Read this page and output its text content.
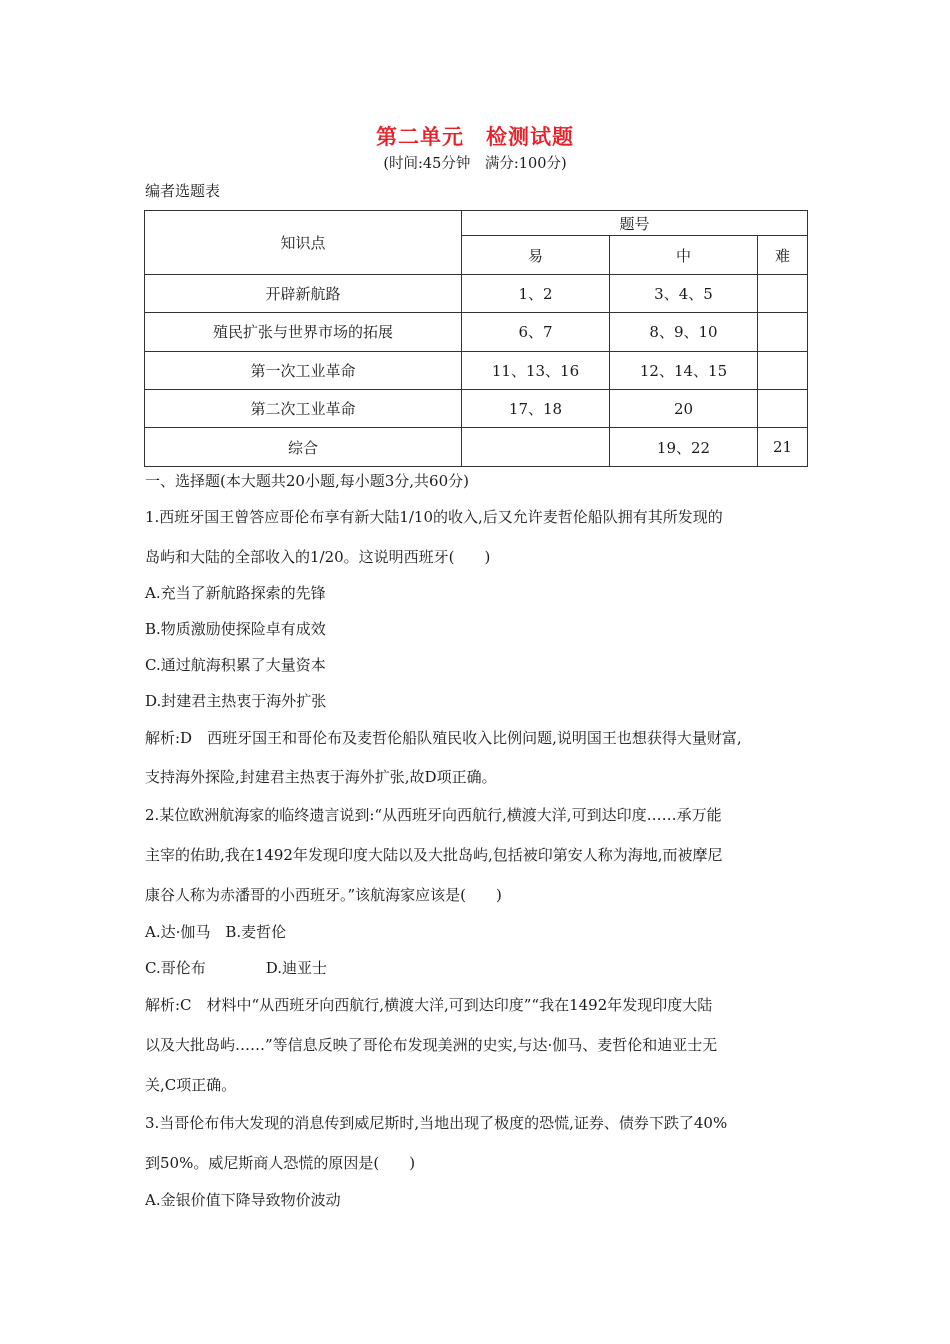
第二单元　检测试题
(时间:45分钟　满分:100分)
编者选题表
知识点	题号		
	易	中	难
开辟新航路	1、2	3、4、5	
殖民扩张与世界市场的拓展	6、7	8、9、10	
第一次工业革命	11、13、16	12、14、15	
第二次工业革命	17、18	20	
综合		19、22	21
一、选择题(本大题共20小题,每小题3分,共60分)
1.西班牙国王曾答应哥伦布享有新大陆1/10的收入,后又允许麦哲伦船队拥有其所发现的
岛屿和大陆的全部收入的1/20。这说明西班牙(　　)
A.充当了新航路探索的先锋
B.物质激励使探险卓有成效
C.通过航海积累了大量资本
D.封建君主热衷于海外扩张
解析:D　西班牙国王和哥伦布及麦哲伦船队殖民收入比例问题,说明国王也想获得大量财富,
支持海外探险,封建君主热衷于海外扩张,故D项正确。
2.某位欧洲航海家的临终遗言说到:“从西班牙向西航行,横渡大洋,可到达印度……承万能
主宰的佑助,我在1492年发现印度大陆以及大批岛屿,包括被印第安人称为海地,而被摩尼
康谷人称为赤潘哥的小西班牙。”该航海家应该是(　　)
A.达·伽马　B.麦哲伦
C.哥伦布　　　　D.迪亚士
解析:C　材料中“从西班牙向西航行,横渡大洋,可到达印度”“我在1492年发现印度大陆
以及大批岛屿……”等信息反映了哥伦布发现美洲的史实,与达·伽马、麦哲伦和迪亚士无
关,C项正确。
3.当哥伦布伟大发现的消息传到威尼斯时,当地出现了极度的恐慌,证券、债券下跌了40%
到50%。威尼斯商人恐慌的原因是(　　)
A.金银价值下降导致物价波动
